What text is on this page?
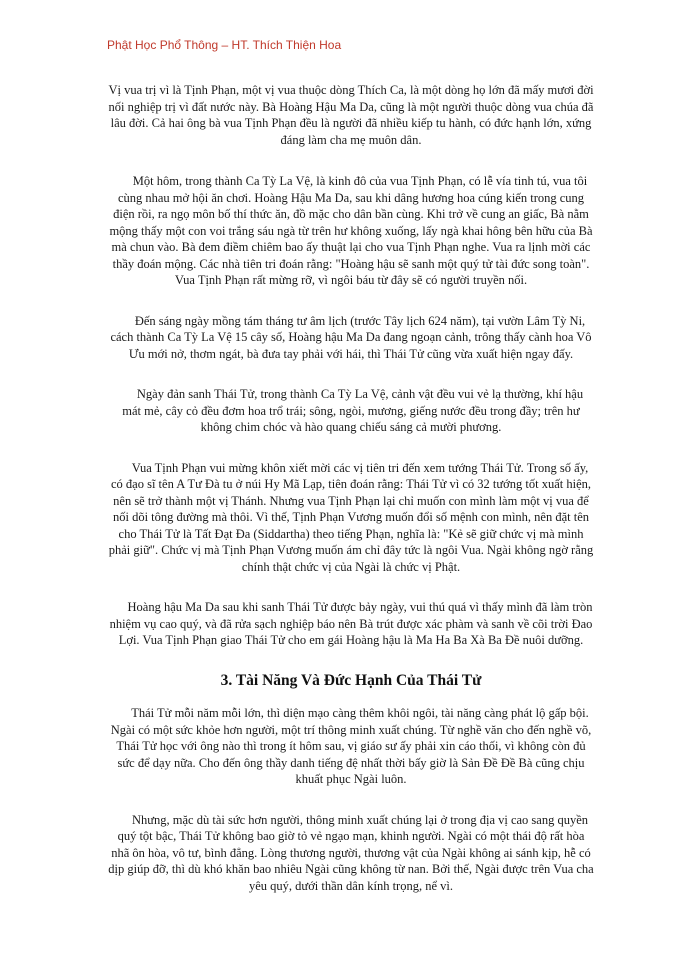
Phật Học Phổ Thông – HT. Thích Thiện Hoa

Vị vua trị vì là Tịnh Phạn, một vị vua thuộc dòng Thích Ca, là một dòng họ lớn đã mấy mươi đời nối nghiệp trị vì đất nước này. Bà Hoàng Hậu Ma Da, cũng là một người thuộc dòng vua chúa đã lâu đời. Cả hai ông bà vua Tịnh Phạn đều là người đã nhiều kiếp tu hành, có đức hạnh lớn, xứng đáng làm cha mẹ muôn dân.

Một hôm, trong thành Ca Tỳ La Vệ, là kinh đô của vua Tịnh Phạn, có lễ vía tinh tú, vua tôi cùng nhau mở hội ăn chơi. Hoàng Hậu Ma Da, sau khi dâng hương hoa cúng kiến trong cung điện rồi, ra ngọ môn bố thí thức ăn, đồ mặc cho dân bần cùng. Khi trở về cung an giấc, Bà nằm mộng thấy một con voi trắng sáu ngà từ trên hư không xuống, lấy ngà khai hông bên hữu của Bà mà chun vào. Bà đem điềm chiêm bao ấy thuật lại cho vua Tịnh Phạn nghe. Vua ra lịnh mời các thầy đoán mộng. Các nhà tiên tri đoán rằng: "Hoàng hậu sẽ sanh một quý tử tài đức song toàn". Vua Tịnh Phạn rất mừng rỡ, vì ngôi báu từ đây sẽ có người truyền nối.

Đến sáng ngày mồng tám tháng tư âm lịch (trước Tây lịch 624 năm), tại vườn Lâm Tỳ Ni, cách thành Ca Tỳ La Vệ 15 cây số, Hoàng hậu Ma Da đang ngoạn cảnh, trông thấy cành hoa Vô Ưu mới nở, thơm ngát, bà đưa tay phải với hái, thì Thái Tử cũng vừa xuất hiện ngay đấy.

Ngày đản sanh Thái Tử, trong thành Ca Tỳ La Vệ, cảnh vật đều vui vẻ lạ thường, khí hậu mát mẻ, cây cỏ đều đơm hoa trổ trái; sông, ngòi, mương, giếng nước đều trong đầy; trên hư không chim chóc và hào quang chiếu sáng cả mười phương.

Vua Tịnh Phạn vui mừng khôn xiết mời các vị tiên tri đến xem tướng Thái Tử. Trong số ấy, có đạo sĩ tên A Tư Đà tu ở núi Hy Mã Lạp, tiên đoán rằng: Thái Tử vì có 32 tướng tốt xuất hiện, nên sẽ trở thành một vị Thánh. Nhưng vua Tịnh Phạn lại chỉ muốn con mình làm một vị vua để nối dõi tông đường mà thôi. Vì thế, Tịnh Phạn Vương muốn đổi số mệnh con mình, nên đặt tên cho Thái Tử là Tất Đạt Đa (Siddartha) theo tiếng Phạn, nghĩa là: "Kẻ sẽ giữ chức vị mà mình phải giữ". Chức vị mà Tịnh Phạn Vương muốn ám chỉ đây tức là ngôi Vua. Ngài không ngờ rằng chính thật chức vị của Ngài là chức vị Phật.

Hoàng hậu Ma Da sau khi sanh Thái Tử được bảy ngày, vui thú quá vì thấy mình đã làm tròn nhiệm vụ cao quý, và đã rửa sạch nghiệp báo nên Bà trút được xác phàm và sanh về cõi trời Đao Lợi. Vua Tịnh Phạn giao Thái Tử cho em gái Hoàng hậu là Ma Ha Ba Xà Ba Đề nuôi dưỡng.

3. Tài Năng Và Đức Hạnh Của Thái Tử

Thái Tử mỗi năm mỗi lớn, thì diện mạo càng thêm khôi ngôi, tài năng càng phát lộ gấp bội. Ngài có một sức khỏe hơn người, một trí thông minh xuất chúng. Từ nghề văn cho đến nghề võ, Thái Tử học với ông nào thì trong ít hôm sau, vị giáo sư ấy phải xin cáo thối, vì không còn đủ sức để dạy nữa. Cho đến ông thầy danh tiếng đệ nhất thời bấy giờ là Sản Đề Đề Bà cũng chịu khuất phục Ngài luôn.

Nhưng, mặc dù tài sức hơn người, thông minh xuất chúng lại ở trong địa vị cao sang quyền quý tột bậc, Thái Tử không bao giờ tỏ vẻ ngạo mạn, khinh người. Ngài có một thái độ rất hòa nhã ôn hòa, vô tư, bình đẳng. Lòng thương người, thương vật của Ngài không ai sánh kịp, hễ có dịp giúp đỡ, thì dù khó khăn bao nhiêu Ngài cũng không từ nan. Bởi thế, Ngài được trên Vua cha yêu quý, dưới thần dân kính trọng, nể vì.
